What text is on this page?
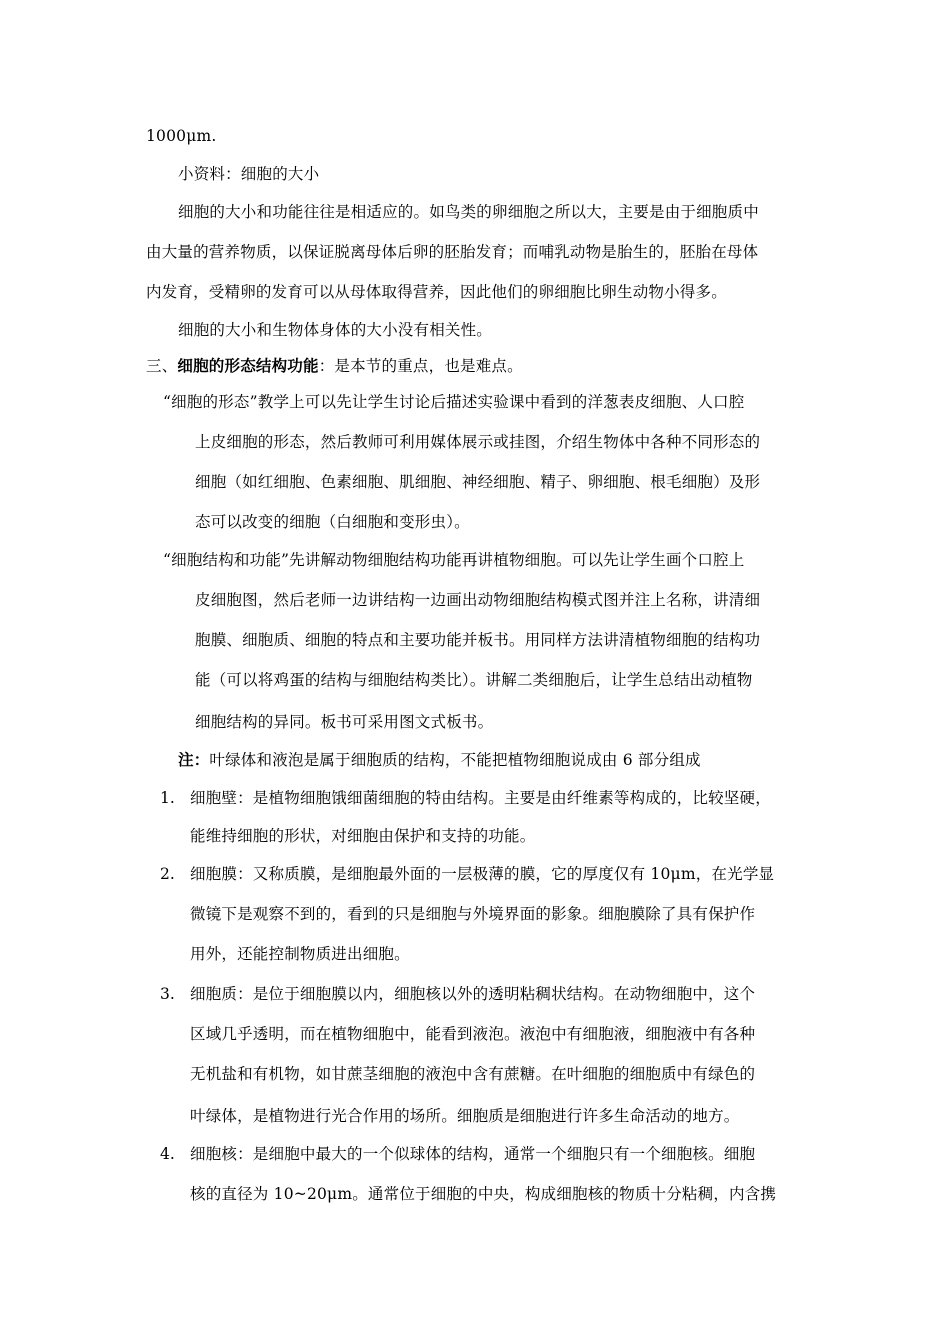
1000μm.
小资料：细胞的大小
细胞的大小和功能往往是相适应的。如鸟类的卵细胞之所以大，主要是由于细胞质中
由大量的营养物质，以保证脱离母体后卵的胚胎发育；而哺乳动物是胎生的，胚胎在母体
内发育，受精卵的发育可以从母体取得营养，因此他们的卵细胞比卵生动物小得多。
细胞的大小和生物体身体的大小没有相关性。
三、细胞的形态结构功能：是本节的重点，也是难点。
“细胞的形态”教学上可以先让学生讨论后描述实验课中看到的洋葱表皮细胞、人口腔
上皮细胞的形态，然后教师可利用媒体展示或挂图，介绍生物体中各种不同形态的
细胞（如红细胞、色素细胞、肌细胞、神经细胞、精子、卵细胞、根毛细胞）及形
态可以改变的细胞（白细胞和变形虫）。
“细胞结构和功能”先讲解动物细胞结构功能再讲植物细胞。可以先让学生画个口腔上
皮细胞图，然后老师一边讲结构一边画出动物细胞结构模式图并注上名称，讲清细
胞膜、细胞质、细胞的特点和主要功能并板书。用同样方法讲清植物细胞的结构功
能（可以将鸡蛋的结构与细胞结构类比）。讲解二类细胞后，让学生总结出动植物
细胞结构的异同。板书可采用图文式板书。
注：叶绿体和液泡是属于细胞质的结构，不能把植物细胞说成由 6 部分组成
1. 细胞壁：是植物细胞饿细菌细胞的特由结构。主要是由纤维素等构成的，比较坚硬，
能维持细胞的形状，对细胞由保护和支持的功能。
2. 细胞膜：又称质膜，是细胞最外面的一层极薄的膜，它的厚度仅有 10μm，在光学显
微镜下是观察不到的，看到的只是细胞与外境界面的影象。细胞膜除了具有保护作
用外，还能控制物质进出细胞。
3. 细胞质：是位于细胞膜以内，细胞核以外的透明粘稠状结构。在动物细胞中，这个
区域几乎透明，而在植物细胞中，能看到液泡。液泡中有细胞液，细胞液中有各种
无机盐和有机物，如甘蔗茎细胞的液泡中含有蔗糖。在叶细胞的细胞质中有绿色的
叶绿体，是植物进行光合作用的场所。细胞质是细胞进行许多生命活动的地方。
4. 细胞核：是细胞中最大的一个似球体的结构，通常一个细胞只有一个细胞核。细胞
核的直径为 10~20μm。通常位于细胞的中央，构成细胞核的物质十分粘稠，内含携
